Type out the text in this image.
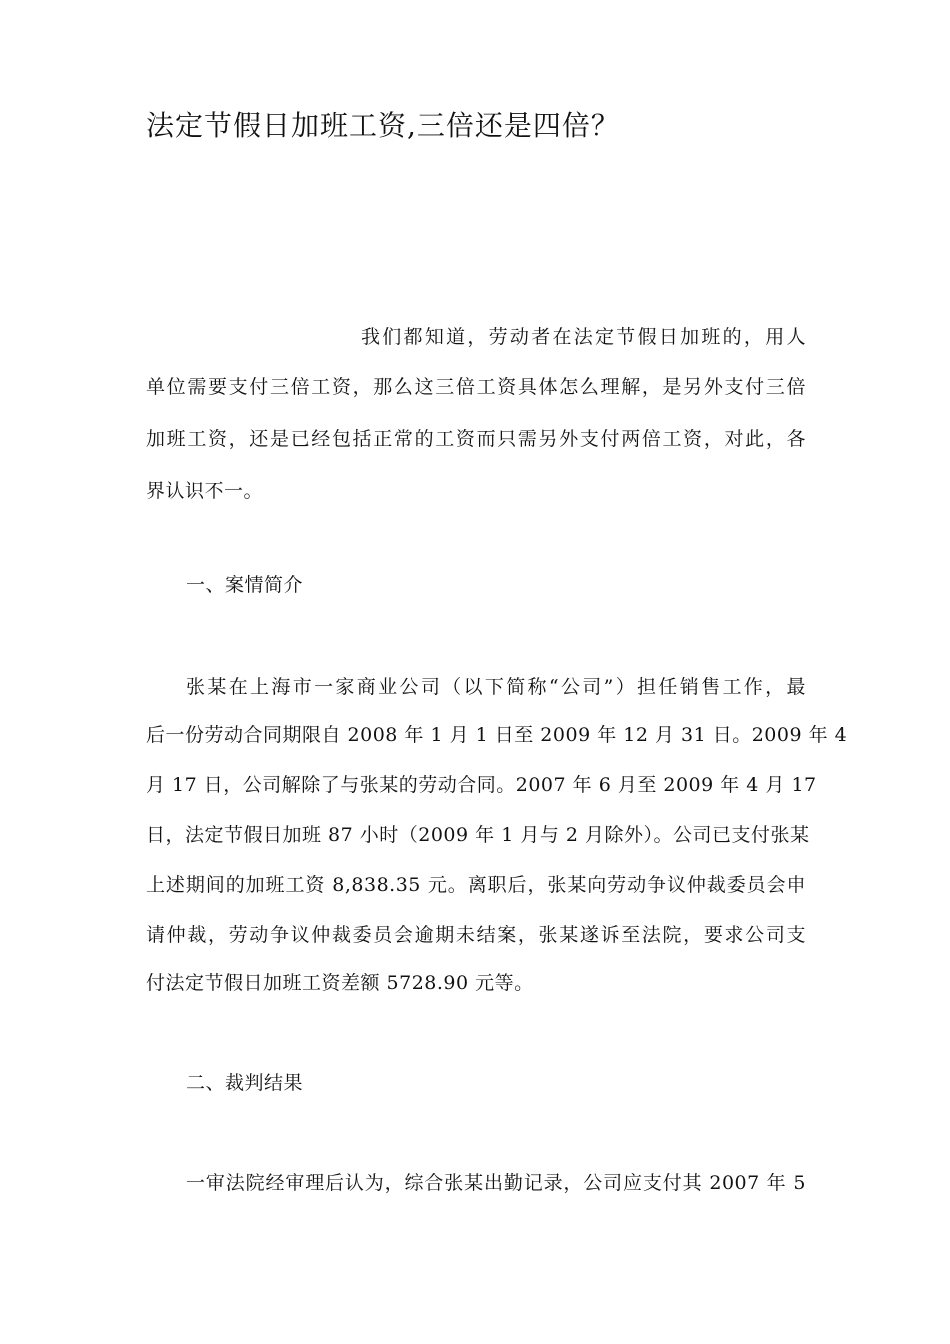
法定节假日加班工资,三倍还是四倍？
我们都知道，劳动者在法定节假日加班的，用人
单位需要支付三倍工资，那么这三倍工资具体怎么理解，是另外支付三倍
加班工资，还是已经包括正常的工资而只需另外支付两倍工资，对此，各
界认识不一。
一、案情简介
张某在上海市一家商业公司（以下简称“公司”）担任销售工作，最
后一份劳动合同期限自 2008 年 1 月 1 日至 2009 年 12 月 31 日。2009 年 4
月 17 日，公司解除了与张某的劳动合同。2007 年 6 月至 2009 年 4 月 17
日，法定节假日加班 87 小时（2009 年 1 月与 2 月除外）。公司已支付张某
上述期间的加班工资 8,838.35 元。离职后，张某向劳动争议仲裁委员会申
请仲裁，劳动争议仲裁委员会逾期未结案，张某遂诉至法院，要求公司支
付法定节假日加班工资差额 5728.90 元等。
二、裁判结果
一审法院经审理后认为，综合张某出勤记录，公司应支付其 2007 年 5
